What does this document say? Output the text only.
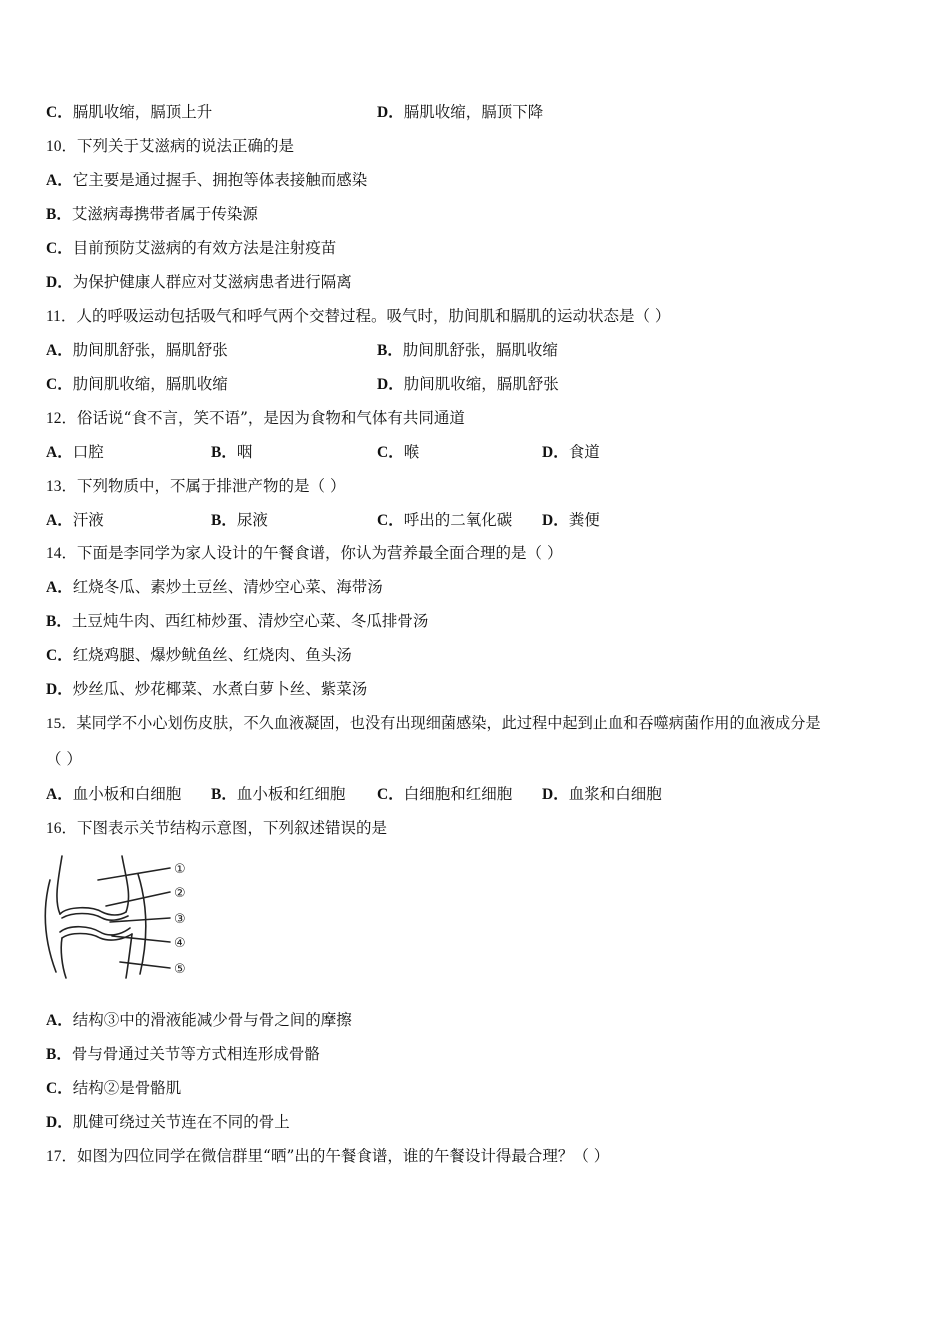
C．膈肌收缩，膈顶上升	D．膈肌收缩，膈顶下降
10．下列关于艾滋病的说法正确的是
A．它主要是通过握手、拥抱等体表接触而感染
B．艾滋病毒携带者属于传染源
C．目前预防艾滋病的有效方法是注射疫苗
D．为保护健康人群应对艾滋病患者进行隔离
11．人的呼吸运动包括吸气和呼气两个交替过程。吸气时，肋间肌和膈肌的运动状态是（ ）
A．肋间肌舒张，膈肌舒张	B．肋间肌舒张，膈肌收缩
C．肋间肌收缩，膈肌收缩	D．肋间肌收缩，膈肌舒张
12．俗话说“食不言，笑不语”，是因为食物和气体有共同通道
A．口腔	B．咽	C．喉	D．食道
13．下列物质中，不属于排泄产物的是（ ）
A．汗液	B．尿液	C．呼出的二氧化碳 D．粪便
14．下面是李同学为家人设计的午餐食谱，你认为营养最全面合理的是（ ）
A．红烧冬瓜、素炒土豆丝、清炒空心菜、海带汤
B．土豆炖牛肉、西红柿炒蛋、清炒空心菜、冬瓜排骨汤
C．红烧鸡腿、爆炒鱿鱼丝、红烧肉、鱼头汤
D．炒丝瓜、炒花椰菜、水煮白萝卜丝、紫菜汤
15．某同学不小心划伤皮肤，不久血液凝固，也没有出现细菌感染，此过程中起到止血和吞噬病菌作用的血液成分是
（ ）
A．血小板和白细胞 B．血小板和红细胞 C．白细胞和红细胞 D．血浆和白细胞
16．下图表示关节结构示意图，下列叙述错误的是
①
②
③
④
⑤
A．结构③中的滑液能减少骨与骨之间的摩擦
B．骨与骨通过关节等方式相连形成骨骼
C．结构②是骨骼肌
D．肌健可绕过关节连在不同的骨上
17．如图为四位同学在微信群里“晒”出的午餐食谱，谁的午餐设计得最合理？（ ）
